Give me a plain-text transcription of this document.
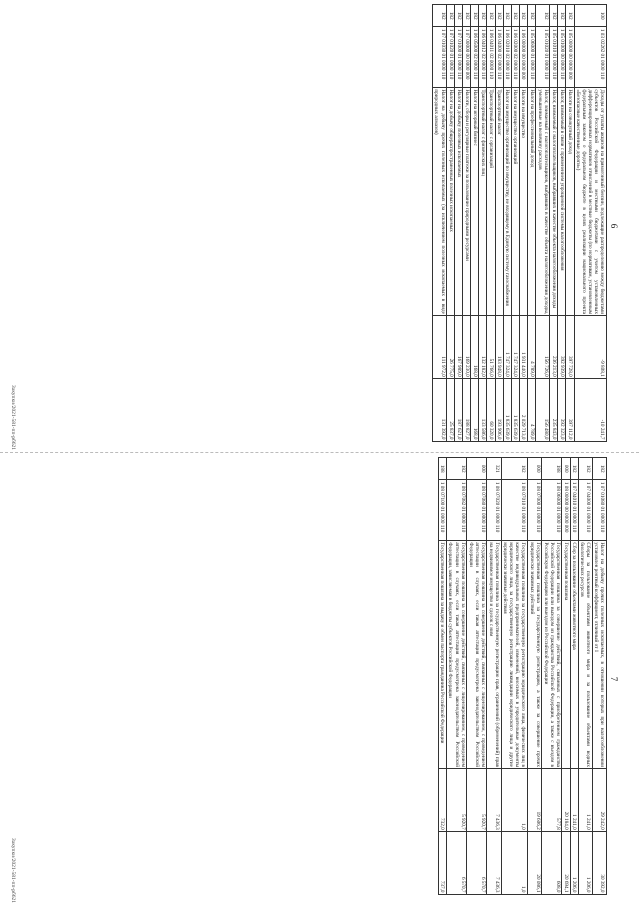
6
100	1 03 02262 01 0000 110	Доходы от уплаты акцизов на прямогонный бензин, подлежащие распределению между бюджетами субъектов Российской Федерации и местными бюджетами с учетом установленных дифференцированных нормативов отчислений в местные бюджеты (по нормативам, установленным федеральным законом о федеральном бюджете в целях реализации национального проекта «Безопасные качественные дороги»)	-9 808,1	-10 241,7
182	1 05 00000 00 0000 000	Налоги на совокупный доход	397 728,0	397 112,0
182	1 05 01000 00 0000 110	Налог, взимаемый в связи с применением упрощенной системы налогообложения	392 939,0	392 323,0
182	1 05 01010 01 0000 110	Налог, взимаемый с налогоплательщиков, выбравших в качестве объекта налогообложения доходы	236 213,0	235 843,0
182	1 05 01020 01 0000 110	Налог, взимаемый с налогоплательщиков, выбравших в качестве объекта налогообложения доходы, уменьшенные на величину расходов	156 726,0	156 480,0
182	1 05 06000 01 0000 110	Налог на профессиональный доход	4 789,0	4 789,0
182	1 06 00000 00 0000 000	Налоги на имущество	1 931 440,0	2 029 713,0
182	1 06 02000 02 0000 110	Налог на имущество организаций	1 747 324,0	1 835 639,0
182	1 06 02010 02 0000 110	Налог на имущество организаций по имуществу, не входящему в Единую систему газоснабжения	1 747 324,0	1 835 639,0
182	1 06 04000 02 0000 110	Транспортный налог	183 948,0	193 906,0
182	1 06 04011 02 0000 110	Транспортный налог с организаций	51 766,0	60 320,0
182	1 06 04012 02 0000 110	Транспортный налог с физических лиц	132 182,0	133 586,0
182	1 06 05000 02 0000 110	Налог на игорный бизнес	168,0	168,0
182	1 07 00000 00 0000 000	Налоги, сборы и регулярные платежи за пользование природными ресурсами	169 230,0	188 827,0
182	1 07 01000 01 0000 110	Налог на добычу полезных ископаемых	167 989,0	187 621,0
182	1 07 01020 01 0000 110	Налог на добычу общераспространенных полезных ископаемых	26 775,0	25 837,0
182	1 07 01030 01 0000 110	Налог на добычу прочих полезных ископаемых (за исключением полезных ископаемых в виде природных алмазов)	111 972,0	131 392,0
Закупки/2021-581-пп-рб621
7
182	1 07 01080 01 0000 110	Налог на добычу прочих полезных ископаемых, в отношении которых при налогообложении установлен рентный коэффициент, отличный от 1	29 242,0	30 392,0
182	1 07 04000 01 0000 110	Сборы за пользование объектами животного мира и за пользование объектами водных биологических ресурсов	1 241,0	1 206,0
182	1 07 04010 01 0000 110	Сбор за пользование объектами животного мира	1 241,0	1 206,0
000	1 08 00000 00 0000 000	Государственная пошлина	20 184,0	20 694,1
188	1 08 06000 01 0000 110	Государственная пошлина за совершение действий, связанных с приобретением гражданства Российской Федерации или выходом из гражданства Российской Федерации, а также с въездом в Российскую Федерацию или выездом из Российской Федерации	577,8	608,0
000	1 08 07000 01 0000 110	Государственная пошлина за государственную регистрацию, а также за совершение прочих юридически значимых действий	19 606,2	20 086,1
182	1 08 07010 01 0000 110	Государственная пошлина за государственную регистрацию юридического лица, физических лиц в качестве индивидуальных предпринимателей, изменений, вносимых в учредительные документы юридического лица, за государственную регистрацию ликвидации юридического лица и другие юридически значимые действия	1,0	1,0
321	1 08 07020 01 0000 110	Государственная пошлина за государственную регистрацию прав, ограничений (обременений) прав на недвижимое имущество и сделок с ним	7 436,3	7 436,3
000	1 08 07080 01 0000 110	Государственная пошлина за совершение действий, связанных с лицензированием, с проведением аттестации в случаях, если такая аттестация предусмотрена законодательством Российской Федерации	5 920,7	6 570,7
182	1 08 07082 01 0000 110	Государственная пошлина за совершение действий, связанных с лицензированием, с проведением аттестации в случаях, если такая аттестация предусмотрена законодательством Российской Федерации, зачисляемая в бюджеты субъектов Российской Федерации	5 920,7	6 570,7
188	1 08 07100 01 0000 110	Государственная пошлина за выдачу и обмен паспорта гражданина Российской Федерации	732,0	737,0
Закупки/2021-581-пп-рб621
